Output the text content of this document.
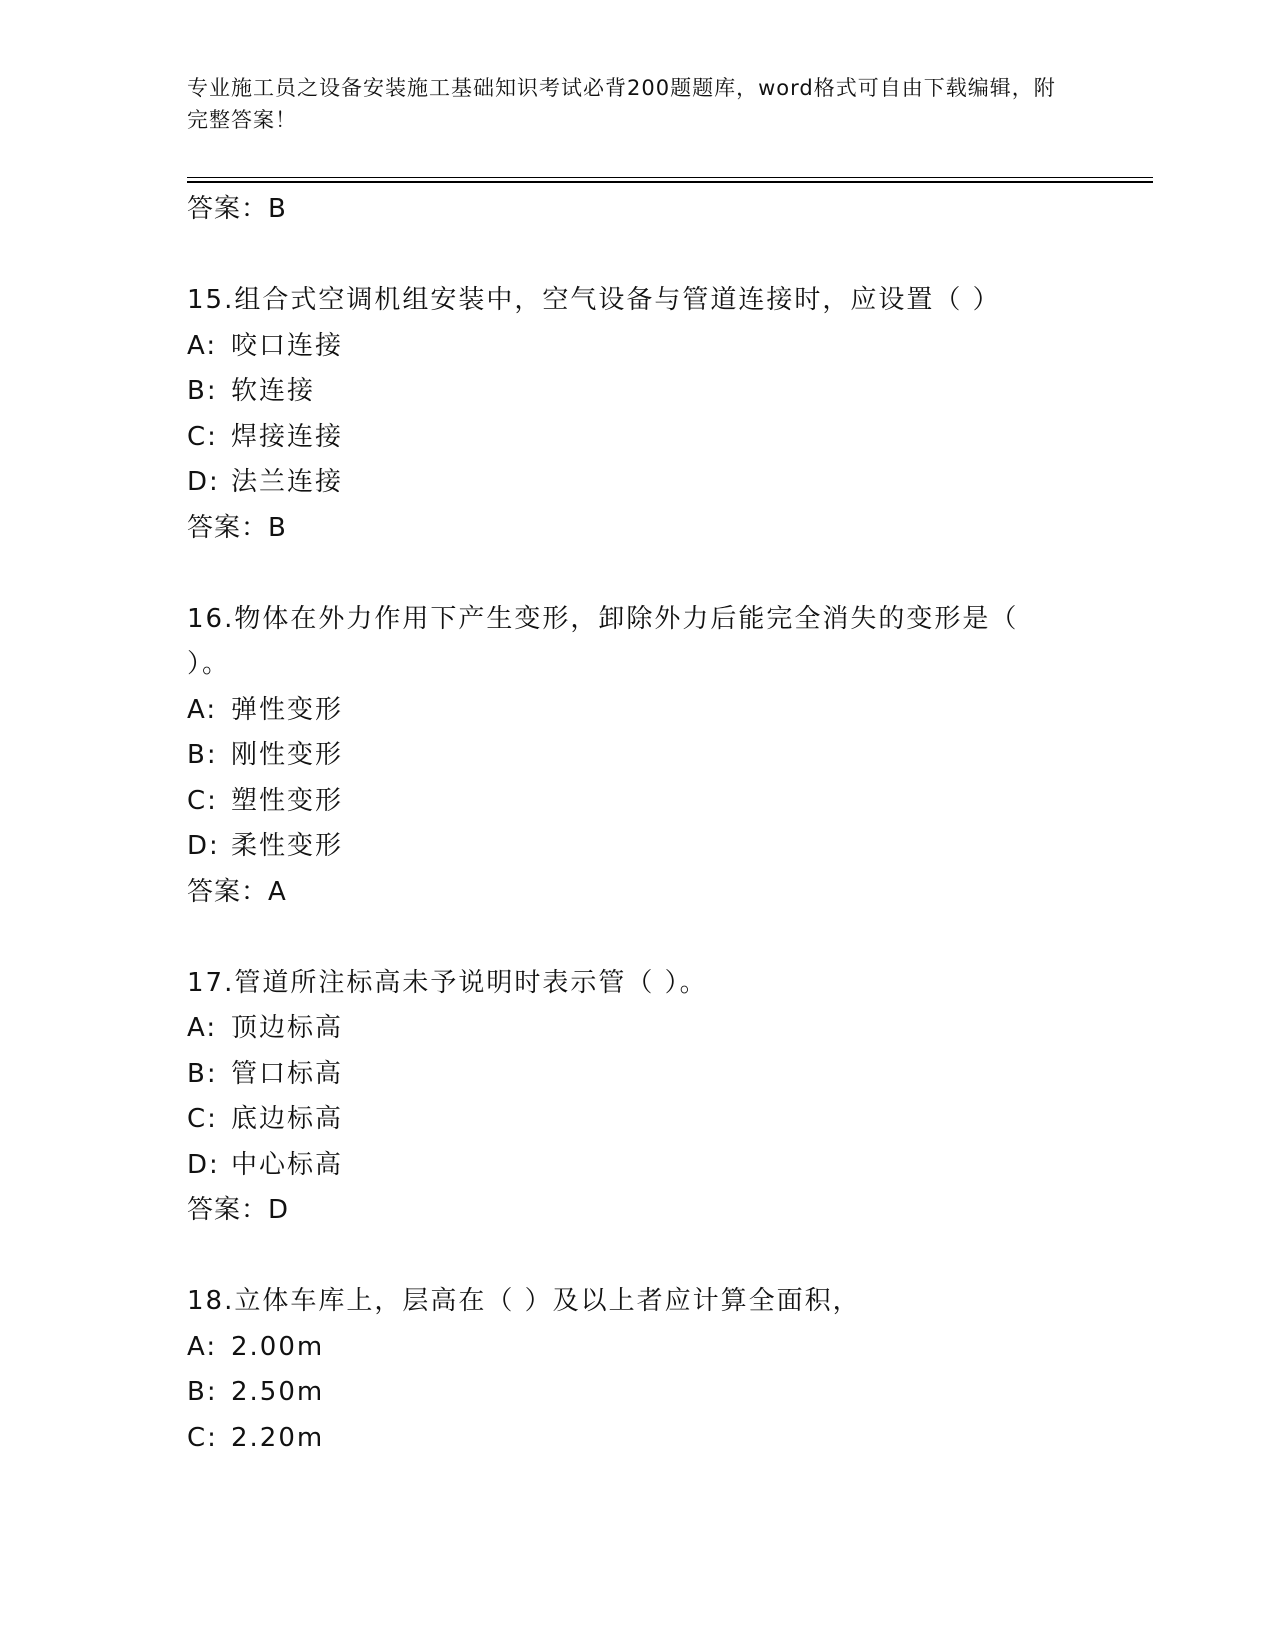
专业施工员之设备安装施工基础知识考试必背200题题库，word格式可自由下载编辑，附完整答案！
答案：B
15.组合式空调机组安装中，空气设备与管道连接时，应设置（ ）
A: 咬口连接
B: 软连接
C: 焊接连接
D: 法兰连接
答案：B
16.物体在外力作用下产生变形，卸除外力后能完全消失的变形是（ ）。
A: 弹性变形
B: 刚性变形
C: 塑性变形
D: 柔性变形
答案：A
17.管道所注标高未予说明时表示管（ ）。
A: 顶边标高
B: 管口标高
C: 底边标高
D: 中心标高
答案：D
18.立体车库上，层高在（ ）及以上者应计算全面积，
A: 2.00m
B: 2.50m
C: 2.20m
